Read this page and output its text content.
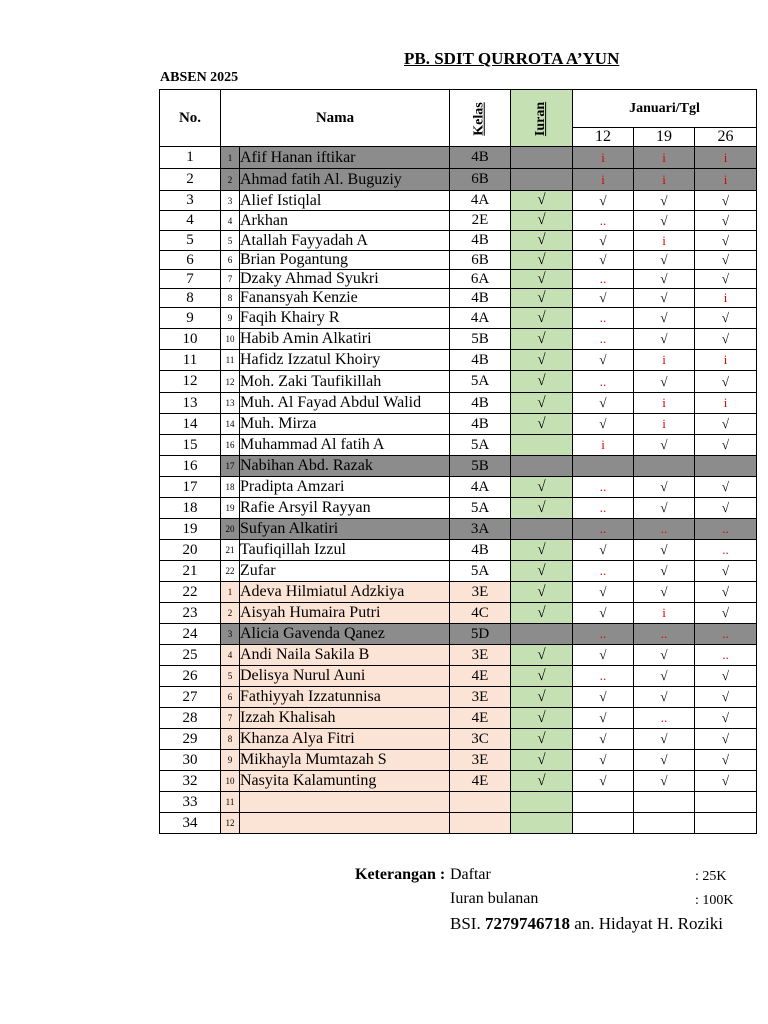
PB. SDIT QURROTA A’YUN
ABSEN 2025
No.	Nama		Kelas	Iuran	Januari/Tgl		
					12	19	26
1	1	Afif Hanan iftikar	4B		i	i	i
2	2	Ahmad fatih Al. Buguziy	6B		i	i	i
3	3	Alief Istiqlal	4A	√	√	√	√
4	4	Arkhan	2E	√	..	√	√
5	5	Atallah Fayyadah A	4B	√	√	i	√
6	6	Brian Pogantung	6B	√	√	√	√
7	7	Dzaky Ahmad Syukri	6A	√	..	√	√
8	8	Fanansyah Kenzie	4B	√	√	√	i
9	9	Faqih Khairy R	4A	√	..	√	√
10	10	Habib Amin Alkatiri	5B	√	..	√	√
11	11	Hafidz Izzatul Khoiry	4B	√	√	i	i
12	12	Moh. Zaki Taufikillah	5A	√	..	√	√
13	13	Muh. Al Fayad Abdul Walid	4B	√	√	i	i
14	14	Muh. Mirza	4B	√	√	i	√
15	16	Muhammad Al fatih A	5A		i	√	√
16	17	Nabihan Abd. Razak	5B				
17	18	Pradipta Amzari	4A	√	..	√	√
18	19	Rafie Arsyil Rayyan	5A	√	..	√	√
19	20	Sufyan Alkatiri	3A		..	..	..
20	21	Taufiqillah Izzul	4B	√	√	√	..
21	22	Zufar	5A	√	..	√	√
22	1	Adeva Hilmiatul Adzkiya	3E	√	√	√	√
23	2	Aisyah Humaira Putri	4C	√	√	i	√
24	3	Alicia Gavenda Qanez	5D		..	..	..
25	4	Andi Naila Sakila B	3E	√	√	√	..
26	5	Delisya Nurul Auni	4E	√	..	√	√
27	6	Fathiyyah Izzatunnisa	3E	√	√	√	√
28	7	Izzah Khalisah	4E	√	√	..	√
29	8	Khanza Alya Fitri	3C	√	√	√	√
30	9	Mikhayla Mumtazah S	3E	√	√	√	√
32	10	Nasyita Kalamunting	4E	√	√	√	√
33	11						
34	12						
Keterangan : Daftar	: 25K
Iuran bulanan	: 100K
BSI. 7279746718 an. Hidayat H. Roziki
